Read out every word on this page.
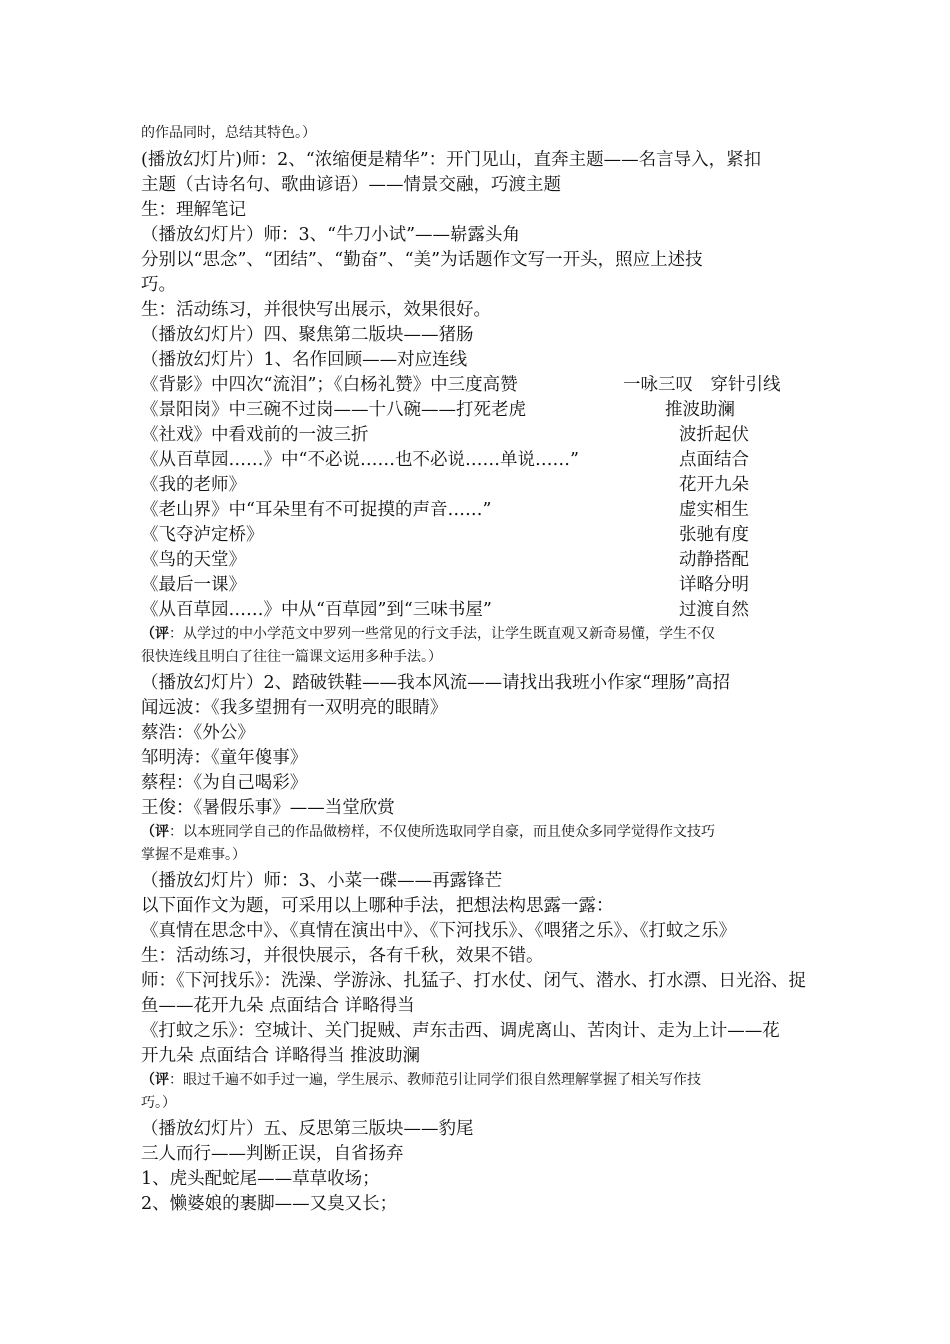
的作品同时，总结其特色。）
(播放幻灯片)师：2、“浓缩便是精华”：开门见山，直奔主题——名言导入，紧扣
主题（古诗名句、歌曲谚语）——情景交融，巧渡主题
生：理解笔记
（播放幻灯片）师：3、“牛刀小试”——崭露头角
分别以“思念”、“团结”、“勤奋”、“美”为话题作文写一开头，照应上述技
巧。
生：活动练习，并很快写出展示，效果很好。
（播放幻灯片）四、聚焦第二版块——猪肠
（播放幻灯片）1、名作回顾——对应连线
《背影》中四次“流泪”；《白杨礼赞》中三度高赞	一咏三叹　穿针引线
《景阳岗》中三碗不过岗——十八碗——打死老虎	推波助澜
《社戏》中看戏前的一波三折	波折起伏
《从百草园……》中“不必说……也不必说……单说……”	点面结合
《我的老师》	花开九朵
《老山界》中“耳朵里有不可捉摸的声音……”	虚实相生
《飞夺泸定桥》	张驰有度
《鸟的天堂》	动静搭配
《最后一课》	详略分明
《从百草园……》中从“百草园”到“三味书屋”	过渡自然
（评：从学过的中小学范文中罗列一些常见的行文手法，让学生既直观又新奇易懂，学生不仅
很快连线且明白了往往一篇课文运用多种手法。）
（播放幻灯片）2、踏破铁鞋——我本风流——请找出我班小作家“理肠”高招
闻远波：《我多望拥有一双明亮的眼睛》
蔡浩：《外公》
邹明涛：《童年傻事》
蔡程：《为自己喝彩》
王俊：《暑假乐事》——当堂欣赏
（评：以本班同学自己的作品做榜样，不仅使所选取同学自豪，而且使众多同学觉得作文技巧
掌握不是难事。）
（播放幻灯片）师：3、小菜一碟——再露锋芒
以下面作文为题，可采用以上哪种手法，把想法构思露一露：
《真情在思念中》、《真情在演出中》、《下河找乐》、《喂猪之乐》、《打蚊之乐》
生：活动练习，并很快展示，各有千秋，效果不错。
师：《下河找乐》：洗澡、学游泳、扎猛子、打水仗、闭气、潜水、打水漂、日光浴、捉
鱼——花开九朵 点面结合 详略得当
《打蚊之乐》：空城计、关门捉贼、声东击西、调虎离山、苦肉计、走为上计——花
开九朵 点面结合 详略得当 推波助澜
（评：眼过千遍不如手过一遍，学生展示、教师范引让同学们很自然理解掌握了相关写作技
巧。）
（播放幻灯片）五、反思第三版块——豹尾
三人而行——判断正误，自省扬弃
1、虎头配蛇尾——草草收场；
2、懒婆娘的裹脚——又臭又长；
